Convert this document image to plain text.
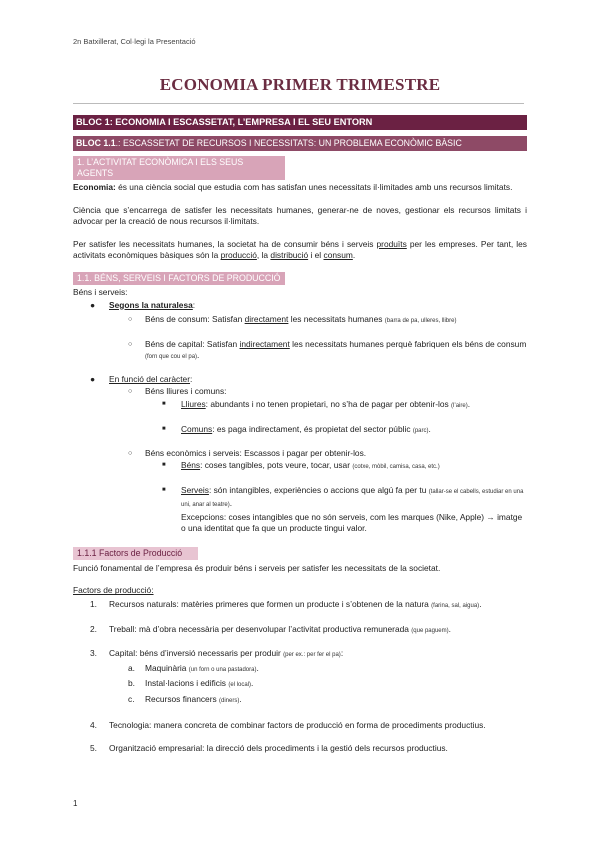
2n Batxillerat, Col·legi la Presentació
ECONOMIA PRIMER TRIMESTRE
BLOC 1: ECONOMIA I ESCASSETAT, L’EMPRESA I EL SEU ENTORN
BLOC 1.1.: ESCASSETAT DE RECURSOS I NECESSITATS: UN PROBLEMA ECONÒMIC BÀSIC
1. L’ACTIVITAT ECONÒMICA I ELS SEUS AGENTS

Economia: és una ciència social que estudia com has satisfan unes necessitats il·limitades amb uns recursos limitats.

Ciència que s’encarrega de satisfer les necessitats humanes, generar-ne de noves, gestionar els recursos limitats i advocar per la creació de nous recursos il·limitats.

Per satisfer les necessitats humanes, la societat ha de consumir béns i serveis produïts per les empreses. Per tant, les activitats econòmiques bàsiques són la producció, la distribució i el consum.

1.1. BÉNS, SERVEIS I FACTORS DE PRODUCCIÓ

Béns i serveis:

● Segons la naturalesa:
○ Béns de consum: Satisfan directament les necessitats humanes (barra de pa, ulleres, llibre)
○ Béns de capital: Satisfan indirectament les necessitats humanes perquè fabriquen els béns de consum (forn que cou el pa).
● En funció del caràcter:
○ Béns lliures i comuns:
■ Lliures: abundants i no tenen propietari, no s’ha de pagar per obtenir-los (l’aire).
■ Comuns: es paga indirectament, és propietat del sector públic (parc).
○ Béns econòmics i serveis: Escassos i pagar per obtenir-los.
■ Béns: coses tangibles, pots veure, tocar, usar (cotxe, mòbil, camisa, casa, etc.)
■ Serveis: són intangibles, experiències o accions que algú fa per tu (tallar-se el cabells, estudiar en una uni, anar al teatre).
Excepcions: coses intangibles que no són serveis, com les marques (Nike, Apple) → imatge o una identitat que fa que un producte tingui valor.
1.1.1 Factors de Producció

Funció fonamental de l’empresa és produir béns i serveis per satisfer les necessitats de la societat.

Factors de producció:

1. Recursos naturals: matèries primeres que formen un producte i s’obtenen de la natura (farina, sal, aigua).
2. Treball: mà d’obra necessària per desenvolupar l’activitat productiva remunerada (que paguem).
3. Capital: béns d’inversió necessaris per produir (per ex.: per fer el pa):
a. Maquinària (un forn o una pastadora).
b. Instal·lacions i edificis (el local).
c. Recursos financers (diners).
4. Tecnologia: manera concreta de combinar factors de producció en forma de procediments productius.
5. Organització empresarial: la direcció dels procediments i la gestió dels recursos productius.
1
